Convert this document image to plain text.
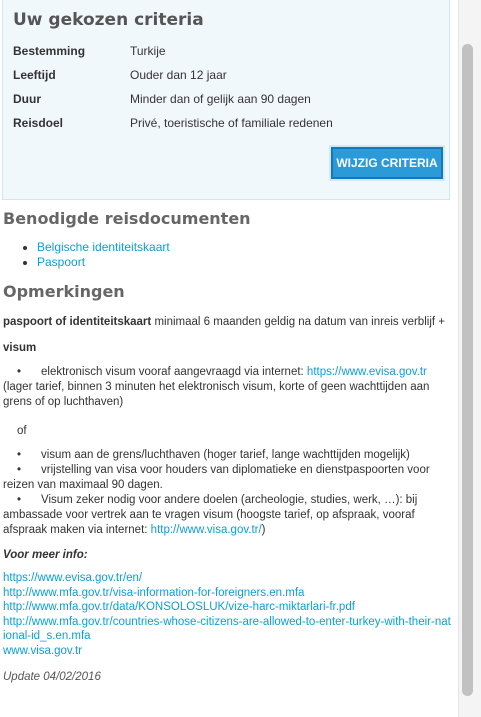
Uw gekozen criteria
Bestemming	Turkije
Leeftijd	Ouder dan 12 jaar
Duur	Minder dan of gelijk aan 90 dagen
Reisdoel	Privé, toeristische of familiale redenen
WIJZIG CRITERIA
Benodigde reisdocumenten
• Belgische identiteitskaart
• Paspoort
Opmerkingen
paspoort of identiteitskaart minimaal 6 maanden geldig na datum van inreis verblijf +
visum
•	elektronisch visum vooraf aangevraagd via internet: https://www.evisa.gov.tr
(lager tarief, binnen 3 minuten het elektronisch visum, korte of geen wachttijden aan grens of op luchthaven)
of
•	visum aan de grens/luchthaven (hoger tarief, lange wachttijden mogelijk)
• vrijstelling van visa voor houders van diplomatieke en dienstpaspoorten voor reizen van maximaal 90 dagen.
• Visum zeker nodig voor andere doelen (archeologie, studies, werk, …): bij ambassade voor vertrek aan te vragen visum (hoogste tarief, op afspraak, vooraf afspraak maken via internet: http://www.visa.gov.tr/)
Voor meer info:
https://www.evisa.gov.tr/en/
http://www.mfa.gov.tr/visa-information-for-foreigners.en.mfa
http://www.mfa.gov.tr/data/KONSOLOSLUK/vize-harc-miktarlari-fr.pdf
http://www.mfa.gov.tr/countries-whose-citizens-are-allowed-to-enter-turkey-with-their-national-id_s.en.mfa
www.visa.gov.tr
Update 04/02/2016
